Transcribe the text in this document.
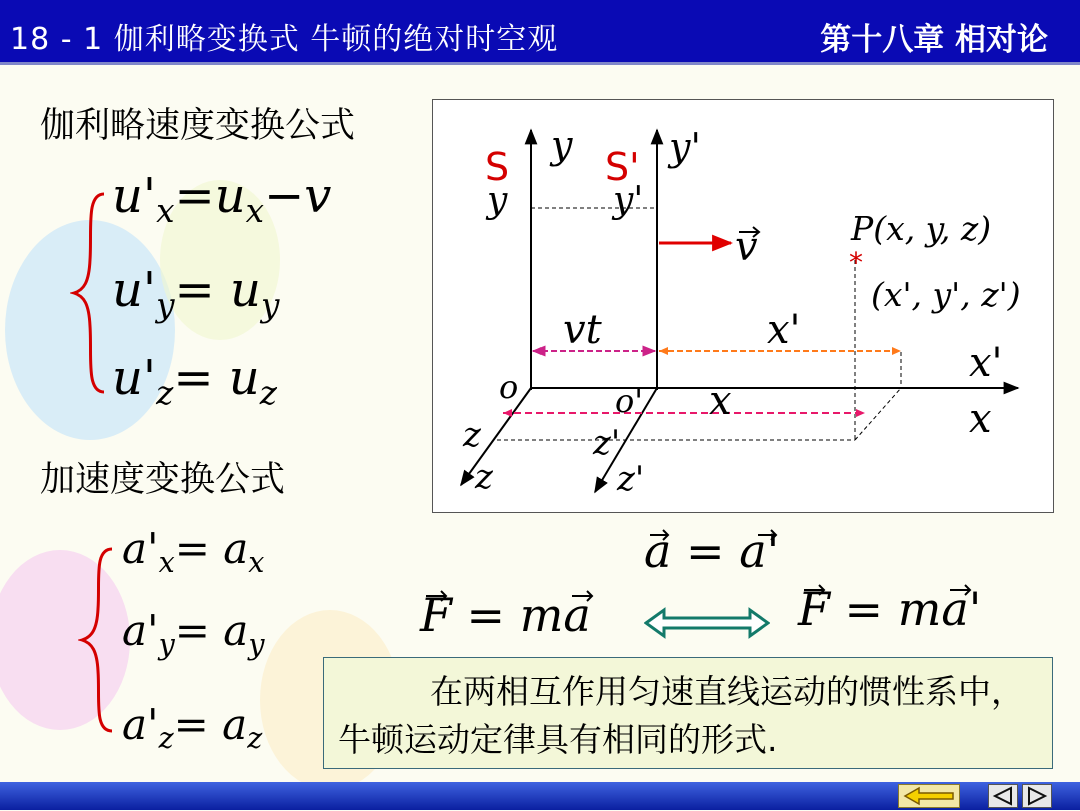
18 - 1 伽利略变换式 牛顿的绝对时空观	第十八章 相对论
伽利略速度变换公式
$u'_x=u_x-v$
$u'_y= u_y$
$u'_z= u_z$
加速度变换公式
$a'_x= a_x$
$a'_y= a_y$
$a'_z= a_z$
S	S'
y	y'
y	y'
v	P(x, y, z)
*
(x', y', z')
vt	x'
x'
x
x
o	o'
z	z'
z	z'
a = a'
F = ma	F = ma'
在两相互作用匀速直线运动的惯性系中，牛顿运动定律具有相同的形式.
